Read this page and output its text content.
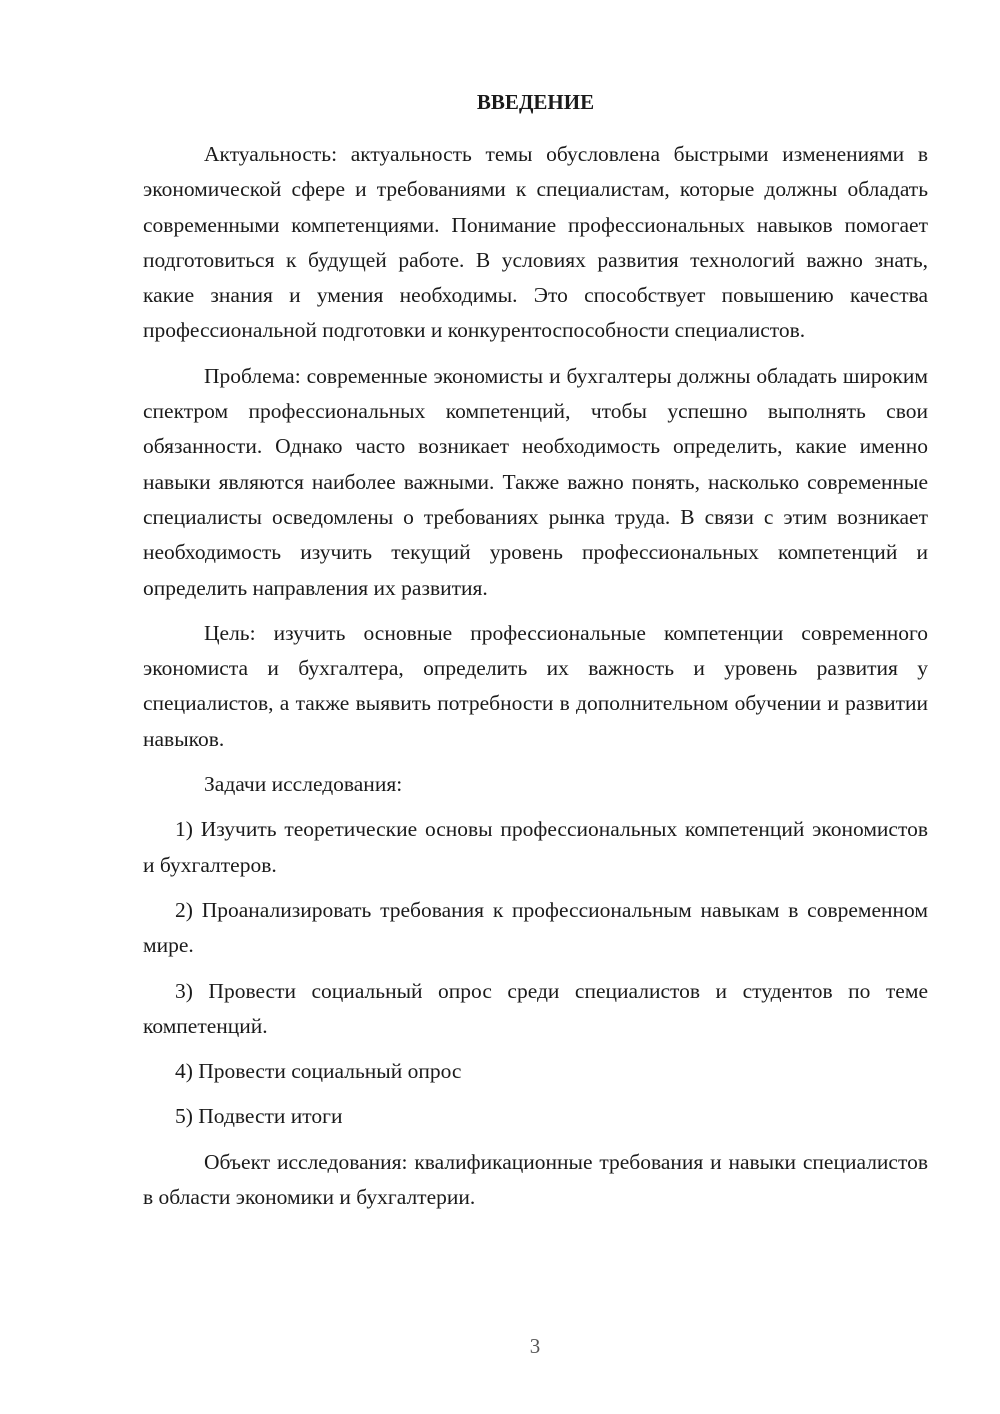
ВВЕДЕНИЕ

Актуальность: актуальность темы обусловлена быстрыми изменениями в экономической сфере и требованиями к специалистам, которые должны обладать современными компетенциями. Понимание профессиональных навыков помогает подготовиться к будущей работе. В условиях развития технологий важно знать, какие знания и умения необходимы. Это способствует повышению качества профессиональной подготовки и конкурентоспособности специалистов.

Проблема: современные экономисты и бухгалтеры должны обладать широким спектром профессиональных компетенций, чтобы успешно выполнять свои обязанности. Однако часто возникает необходимость определить, какие именно навыки являются наиболее важными. Также важно понять, насколько современные специалисты осведомлены о требованиях рынка труда. В связи с этим возникает необходимость изучить текущий уровень профессиональных компетенций и определить направления их развития.

Цель: изучить основные профессиональные компетенции современного экономиста и бухгалтера, определить их важность и уровень развития у специалистов, а также выявить потребности в дополнительном обучении и развитии навыков.

Задачи исследования:

1) Изучить теоретические основы профессиональных компетенций экономистов и бухгалтеров.

2) Проанализировать требования к профессиональным навыкам в современном мире.

3) Провести социальный опрос среди специалистов и студентов по теме компетенций.

4) Провести социальный опрос

5) Подвести итоги

Объект исследования: квалификационные требования и навыки специалистов в области экономики и бухгалтерии.

3
